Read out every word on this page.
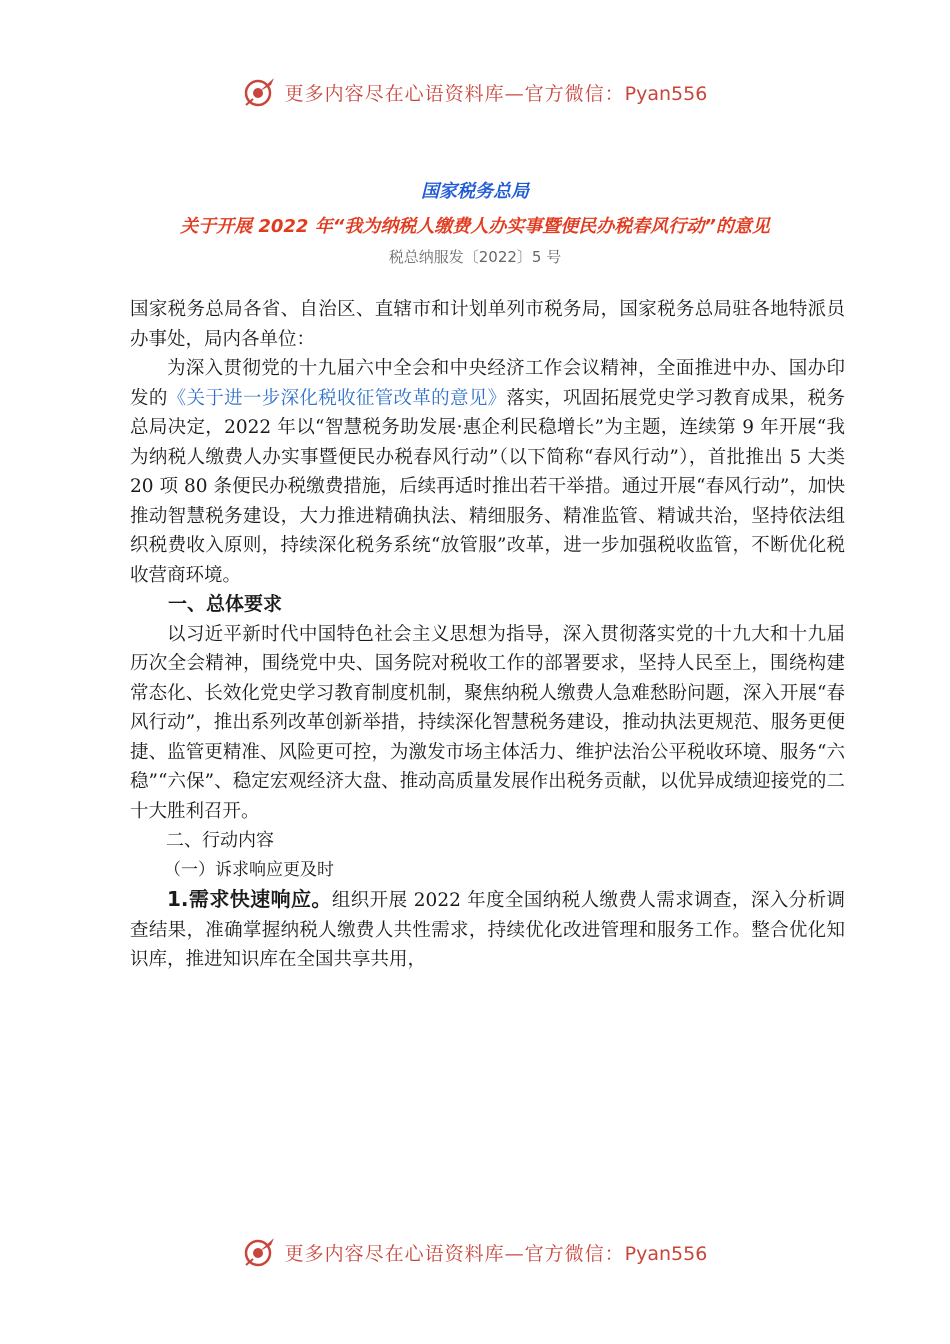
更多内容尽在心语资料库—官方微信：Pyan556
国家税务总局
关于开展 2022 年“我为纳税人缴费人办实事暨便民办税春风行动”的意见
税总纳服发〔2022〕5 号

国家税务总局各省、自治区、直辖市和计划单列市税务局，国家税务总局驻各地特派员办事处，局内各单位：

为深入贯彻党的十九届六中全会和中央经济工作会议精神，全面推进中办、国办印发的《关于进一步深化税收征管改革的意见》落实，巩固拓展党史学习教育成果，税务总局决定，2022 年以“智慧税务助发展·惠企利民稳增长”为主题，连续第 9 年开展“我为纳税人缴费人办实事暨便民办税春风行动”（以下简称“春风行动”），首批推出 5 大类 20 项 80 条便民办税缴费措施，后续再适时推出若干举措。通过开展“春风行动”，加快推动智慧税务建设，大力推进精确执法、精细服务、精准监管、精诚共治，坚持依法组织税费收入原则，持续深化税务系统“放管服”改革，进一步加强税收监管，不断优化税收营商环境。

一、总体要求

以习近平新时代中国特色社会主义思想为指导，深入贯彻落实党的十九大和十九届历次全会精神，围绕党中央、国务院对税收工作的部署要求，坚持人民至上，围绕构建常态化、长效化党史学习教育制度机制，聚焦纳税人缴费人急难愁盼问题，深入开展“春风行动”，推出系列改革创新举措，持续深化智慧税务建设，推动执法更规范、服务更便捷、监管更精准、风险更可控，为激发市场主体活力、维护法治公平税收环境、服务“六稳”“六保”、稳定宏观经济大盘、推动高质量发展作出税务贡献，以优异成绩迎接党的二十大胜利召开。

二、行动内容

（一）诉求响应更及时

1.需求快速响应。组织开展 2022 年度全国纳税人缴费人需求调查，深入分析调查结果，准确掌握纳税人缴费人共性需求，持续优化改进管理和服务工作。整合优化知识库，推进知识库在全国共享共用，

更多内容尽在心语资料库—官方微信：Pyan556
